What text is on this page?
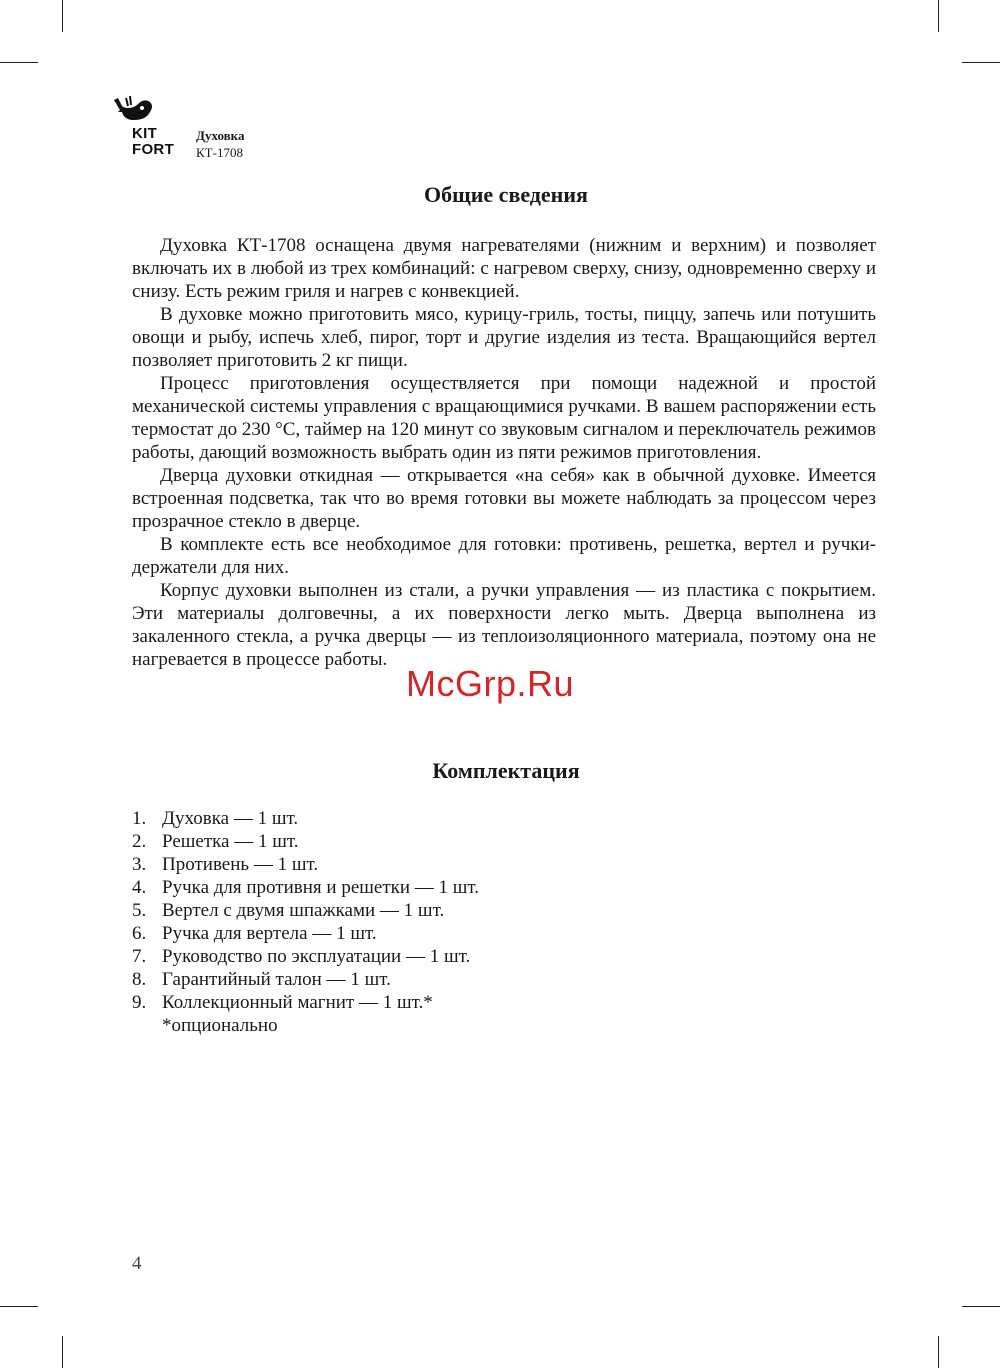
KIT
FORT
Духовка
КТ-1708
Общие сведения

Духовка КТ-1708 оснащена двумя нагревателями (нижним и верхним) и позволяет включать их в любой из трех комбинаций: с нагревом сверху, снизу, одновременно сверху и снизу. Есть режим гриля и нагрев с конвекцией.

В духовке можно приготовить мясо, курицу-гриль, тосты, пиццу, запечь или потушить овощи и рыбу, испечь хлеб, пирог, торт и другие изделия из теста. Вращающийся вертел позволяет приготовить 2 кг пищи.

Процесс приготовления осуществляется при помощи надежной и простой механической системы управления с вращающимися ручками. В вашем распоряжении есть термостат до 230 °C, таймер на 120 минут со звуковым сигналом и переключатель режимов работы, дающий возможность выбрать один из пяти режимов приготовления.

Дверца духовки откидная — открывается «на себя» как в обычной духовке. Имеется встроенная подсветка, так что во время готовки вы можете наблюдать за процессом через прозрачное стекло в дверце.

В комплекте есть все необходимое для готовки: противень, решетка, вертел и ручки-держатели для них.

Корпус духовки выполнен из стали, а ручки управления — из пластика с покрытием. Эти материалы долговечны, а их поверхности легко мыть. Дверца выполнена из закаленного стекла, а ручка дверцы — из теплоизоляционного материала, поэтому она не нагревается в процессе работы.

McGrp.Ru
Комплектация
1. Духовка — 1 шт.
2. Решетка — 1 шт.
3. Противень — 1 шт.
4. Ручка для противня и решетки — 1 шт.
5. Вертел с двумя шпажками — 1 шт.
6. Ручка для вертела — 1 шт.
7. Руководство по эксплуатации — 1 шт.
8. Гарантийный талон — 1 шт.
9. Коллекционный магнит — 1 шт.*
*опционально
4
